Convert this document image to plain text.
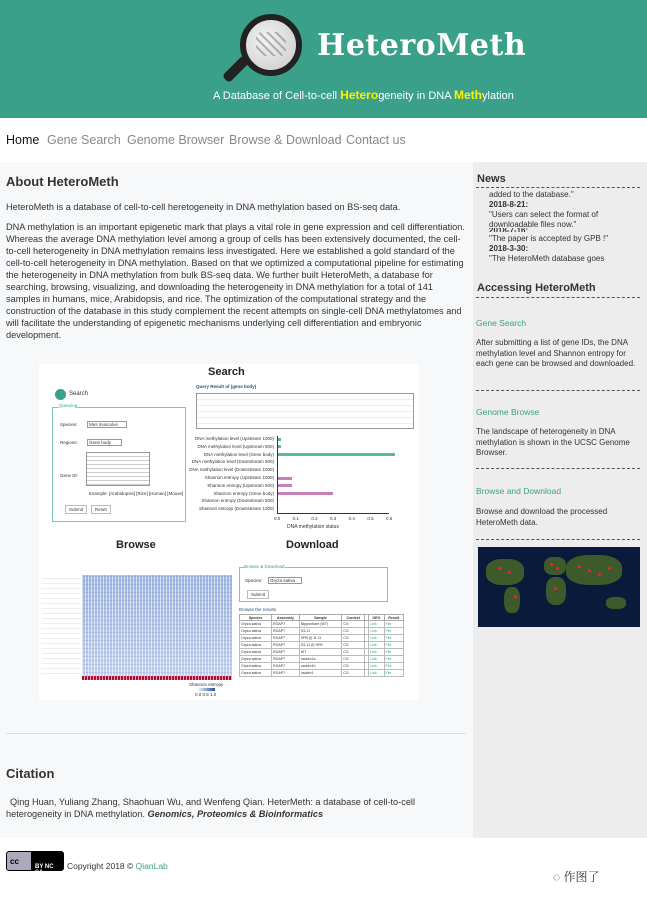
HeteroMeth
A Database of Cell-to-cell Heterogeneity in DNA Methylation
Home Gene Search Genome Browser Browse & Download Contact us
About HeteroMeth
HeteroMeth is a database of cell-to-cell heretogeneity in DNA methylation based on BS-seq data.
DNA methylation is an important epigenetic mark that plays a vital role in gene expression and cell differentiation. Whereas the average DNA methylation level among a group of cells has been extensively documented, the cell-to-cell heterogeneity in DNA methylation remains less investigated. Here we established a gold standard of the cell-to-cell heterogeneity in DNA methylation. Based on that we optimized a computational pipeline for estimating the heterogeneity in DNA methylation from bulk BS-seq data. We further built HeteroMeth, a database for searching, browsing, visualizing, and downloading the heterogeneity in DNA methylation for a total of 141 samples in humans, mice, Arabidopsis, and rice. The optimization of the computational strategy and the construction of the database in this study complement the recent attempts on single-cell DNA methylatomes and will facilitate the understanding of epigenetic mechanisms underlying cell differentiation and embryonic development.
Search
Search
Querying
Species:	Mus musculus
Regions:	Gene body
Gene ID:
Example: [Arabidopsis] [Rice] [Human] [Mouse]
Submit	Reset
Query Result of (gene body)
DNA methylation level (Upstream 1000)
DNA methylation level (Upstream 500)
DNA methylation level (Gene body)
DNA methylation level (Downstream 500)
DNA methylation level (Downstream 1000)
Shannon entropy (Upstream 1000)
Shannon entropy (Upstream 500)
Shannon entropy (Gene body)
Shannon entropy (Downstream 500)
Shannon entropy (Downstream 1000)
0.0	0.1	0.2	0.3	0.4	0.5	0.6
DNA methylation status
Browse	Download
Shannon entropy
0.0 0.5 1.0
Browse & Download
Species:	Oryza sativa
Submit
Browse the results
Species	Assembly	Sample	Context		GEO	Result
Oryza sativa	RGAP7	Nipponbare (WT)	CG		Link	File
Oryza sativa	RGAP7	S3-11	CG		Link	File
Oryza sativa	RGAP7	SPB (f) 3r 11	CG		Link	File
Oryza sativa	RGAP7	S3-11 (f) HPE	CG		Link	File
Oryza sativa	RGAP7	WT	CG		Link	File
Oryza sativa	RGAP7	osddm1a	CG		Link	File
Oryza sativa	RGAP7	osddm1b	CG		Link	File
Oryza sativa	RGAP7	osddm1	CG		Link	File
Citation
Qing Huan, Yuliang Zhang, Shaohuan Wu, and Wenfeng Qian. HeterMeth: a database of cell-to-cell heterogeneity in DNA methylation. Genomics, Proteomics & Bioinformatics
News
added to the database."
2018-8-21:
"Users can select the format of
downloadable files now."
"The paper is accepted by GPB !"
2018-3-30:
"The HeteroMeth database goes
Accessing HeteroMeth
Gene Search
After submitting a list of gene IDs, the DNA methylation level and Shannon entropy for each gene can be browsed and downloaded.
Genome Browse
The landscape of heterogeneity in DNA methylation is shown in the UCSC Genome Browser.
Browse and Download
Browse and download the processed HeteroMeth data.
cc
BY NC SA
Copyright 2018 © QianLab
◌ 作图了
